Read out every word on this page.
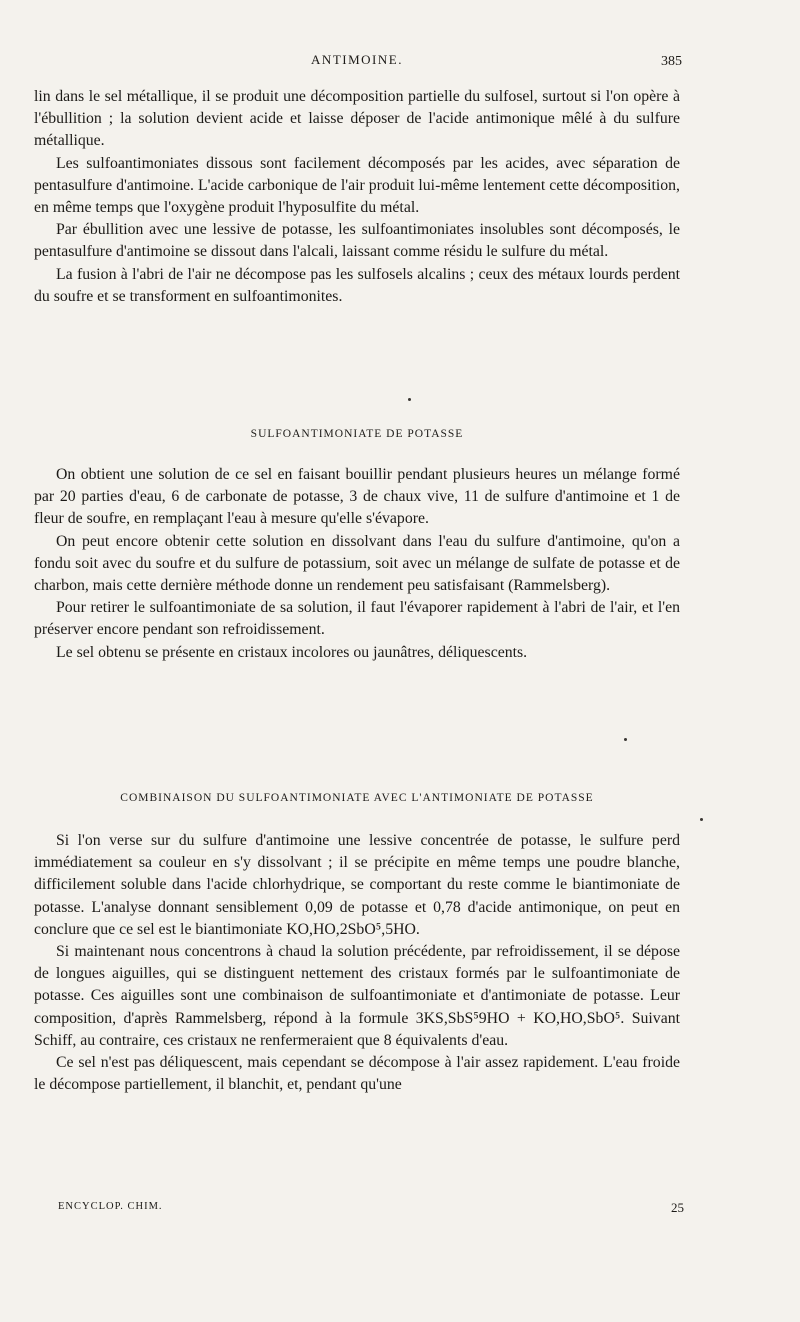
ANTIMOINE.	385

lin dans le sel métallique, il se produit une décomposition partielle du sulfosel, surtout si l'on opère à l'ébullition ; la solution devient acide et laisse déposer de l'acide antimonique mêlé à du sulfure métallique.

Les sulfoantimoniates dissous sont facilement décomposés par les acides, avec séparation de pentasulfure d'antimoine. L'acide carbonique de l'air produit lui-même lentement cette décomposition, en même temps que l'oxygène produit l'hyposulfite du métal.

Par ébullition avec une lessive de potasse, les sulfoantimoniates insolubles sont décomposés, le pentasulfure d'antimoine se dissout dans l'alcali, laissant comme résidu le sulfure du métal.

La fusion à l'abri de l'air ne décompose pas les sulfosels alcalins ; ceux des métaux lourds perdent du soufre et se transforment en sulfoantimonites.

SULFOANTIMONIATE DE POTASSE

On obtient une solution de ce sel en faisant bouillir pendant plusieurs heures un mélange formé par 20 parties d'eau, 6 de carbonate de potasse, 3 de chaux vive, 11 de sulfure d'antimoine et 1 de fleur de soufre, en remplaçant l'eau à mesure qu'elle s'évapore.

On peut encore obtenir cette solution en dissolvant dans l'eau du sulfure d'antimoine, qu'on a fondu soit avec du soufre et du sulfure de potassium, soit avec un mélange de sulfate de potasse et de charbon, mais cette dernière méthode donne un rendement peu satisfaisant (Rammelsberg).

Pour retirer le sulfoantimoniate de sa solution, il faut l'évaporer rapidement à l'abri de l'air, et l'en préserver encore pendant son refroidissement.

Le sel obtenu se présente en cristaux incolores ou jaunâtres, déliquescents.

COMBINAISON DU SULFOANTIMONIATE AVEC L'ANTIMONIATE DE POTASSE

Si l'on verse sur du sulfure d'antimoine une lessive concentrée de potasse, le sulfure perd immédiatement sa couleur en s'y dissolvant ; il se précipite en même temps une poudre blanche, difficilement soluble dans l'acide chlorhydrique, se comportant du reste comme le biantimoniate de potasse. L'analyse donnant sensiblement 0,09 de potasse et 0,78 d'acide antimonique, on peut en conclure que ce sel est le biantimoniate KO,HO,2SbO⁵,5HO.

Si maintenant nous concentrons à chaud la solution précédente, par refroidissement, il se dépose de longues aiguilles, qui se distinguent nettement des cristaux formés par le sulfoantimoniate de potasse. Ces aiguilles sont une combinaison de sulfoantimoniate et d'antimoniate de potasse. Leur composition, d'après Rammelsberg, répond à la formule 3KS,SbS⁵9HO + KO,HO,SbO⁵. Suivant Schiff, au contraire, ces cristaux ne renfermeraient que 8 équivalents d'eau.

Ce sel n'est pas déliquescent, mais cependant se décompose à l'air assez rapidement. L'eau froide le décompose partiellement, il blanchit, et, pendant qu'une

ENCYCLOP. CHIM.	25
